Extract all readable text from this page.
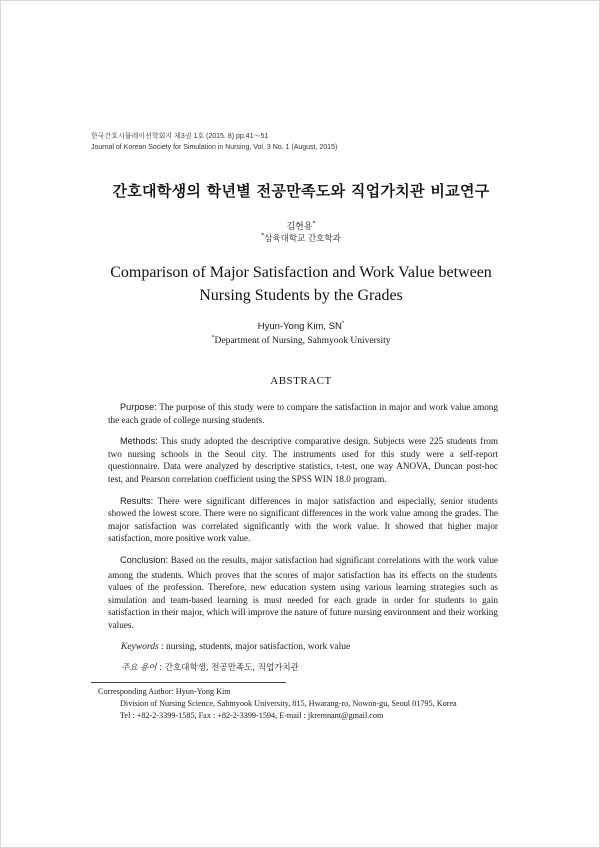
한국간호시뮬레이션학회지 제3권 1호 (2015. 8) pp.41～51
Journal of Korean Society for Simulation in Nursing, Vol. 3 No. 1 (August, 2015)
간호대학생의 학년별 전공만족도와 직업가치관 비교연구
김현용*
*삼육대학교 간호학과
Comparison of Major Satisfaction and Work Value between
Nursing Students by the Grades
Hyun-Yong Kim, SN*
*Department of Nursing, Sahmyook University
ABSTRACT

Purpose: The purpose of this study were to compare the satisfaction in major and work value among the each grade of college nursing students.

Methods: This study adopted the descriptive comparative design. Subjects were 225 students from two nursing schools in the Seoul city. The instruments used for this study were a self-report questionnaire. Data were analyzed by descriptive statistics, t-test, one way ANOVA, Duncan post-hoc test, and Pearson correlation coefficient using the SPSS WIN 18.0 program.

Results: There were significant differences in major satisfaction and especially, senior students showed the lowest score. There were no significant differences in the work value among the grades. The major satisfaction was correlated significantly with the work value. It showed that higher major satisfaction, more positive work value.

Conclusion: Based on the results, major satisfaction had significant correlations with the work value among the students. Which proves that the scores of major satisfaction has its effects on the students' values of the profession. Therefore, new education system using various learning strategies such as simulation and team-based learning is must needed for each grade in order for students to gain satisfaction in their major, which will improve the nature of future nursing environment and their working values.

Keywords : nursing, students, major satisfaction, work value
주요 용어 : 간호대학생, 전공만족도, 직업가치관
Corresponding Author: Hyun-Yong Kim
Division of Nursing Science, Sahmyook University, 815, Hwarang-ro, Nowon-gu, Seoul 01795, Korea
Tel : +82-2-3399-1585, Fax : +82-2-3399-1594, E-mail : jkremnant@gmail.com
